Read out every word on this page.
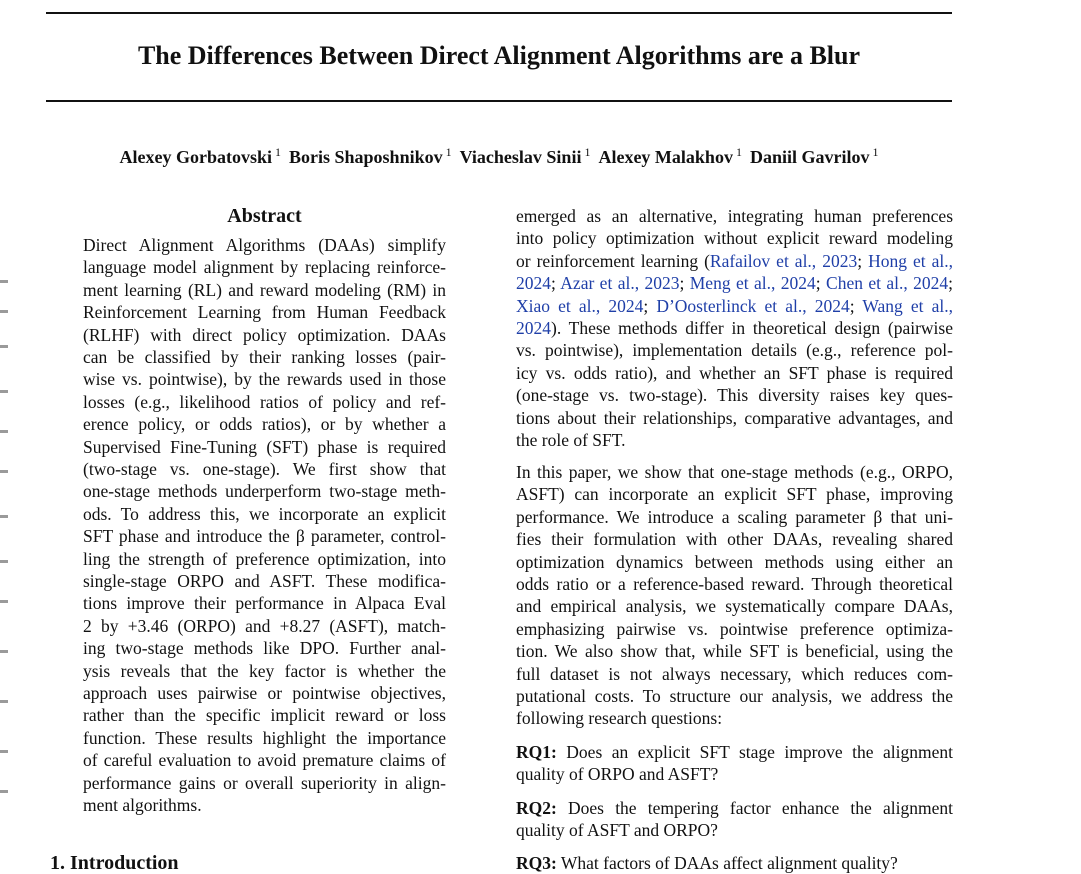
The Differences Between Direct Alignment Algorithms are a Blur
Alexey Gorbatovski $^1$ Boris Shaposhnikov $^1$ Viacheslav Sinii $^1$ Alexey Malakhov $^1$ Daniil Gavrilov $^1$
Abstract
Direct Alignment Algorithms (DAAs) simplify
language model alignment by replacing reinforce-
ment learning (RL) and reward modeling (RM) in
Reinforcement Learning from Human Feedback
(RLHF) with direct policy optimization. DAAs
can be classified by their ranking losses (pair-
wise vs. pointwise), by the rewards used in those
losses (e.g., likelihood ratios of policy and ref-
erence policy, or odds ratios), or by whether a
Supervised Fine-Tuning (SFT) phase is required
(two-stage vs. one-stage). We first show that
one-stage methods underperform two-stage meth-
ods. To address this, we incorporate an explicit
SFT phase and introduce the β parameter, control-
ling the strength of preference optimization, into
single-stage ORPO and ASFT. These modifica-
tions improve their performance in Alpaca Eval
2 by +3.46 (ORPO) and +8.27 (ASFT), match-
ing two-stage methods like DPO. Further anal-
ysis reveals that the key factor is whether the
approach uses pairwise or pointwise objectives,
rather than the specific implicit reward or loss
function. These results highlight the importance
of careful evaluation to avoid premature claims of
performance gains or overall superiority in align-
ment algorithms.
emerged as an alternative, integrating human preferences
into policy optimization without explicit reward modeling
or reinforcement learning (Rafailov et al., 2023; Hong et al.,
2024; Azar et al., 2023; Meng et al., 2024; Chen et al., 2024;
Xiao et al., 2024; D’Oosterlinck et al., 2024; Wang et al.,
2024). These methods differ in theoretical design (pairwise
vs. pointwise), implementation details (e.g., reference pol-
icy vs. odds ratio), and whether an SFT phase is required
(one-stage vs. two-stage). This diversity raises key ques-
tions about their relationships, comparative advantages, and
the role of SFT.
In this paper, we show that one-stage methods (e.g., ORPO,
ASFT) can incorporate an explicit SFT phase, improving
performance. We introduce a scaling parameter β that uni-
fies their formulation with other DAAs, revealing shared
optimization dynamics between methods using either an
odds ratio or a reference-based reward. Through theoretical
and empirical analysis, we systematically compare DAAs,
emphasizing pairwise vs. pointwise preference optimiza-
tion. We also show that, while SFT is beneficial, using the
full dataset is not always necessary, which reduces com-
putational costs. To structure our analysis, we address the
following research questions:
RQ1: Does an explicit SFT stage improve the alignment
quality of ORPO and ASFT?
RQ2: Does the tempering factor enhance the alignment
quality of ASFT and ORPO?
RQ3: What factors of DAAs affect alignment quality?
1. Introduction
